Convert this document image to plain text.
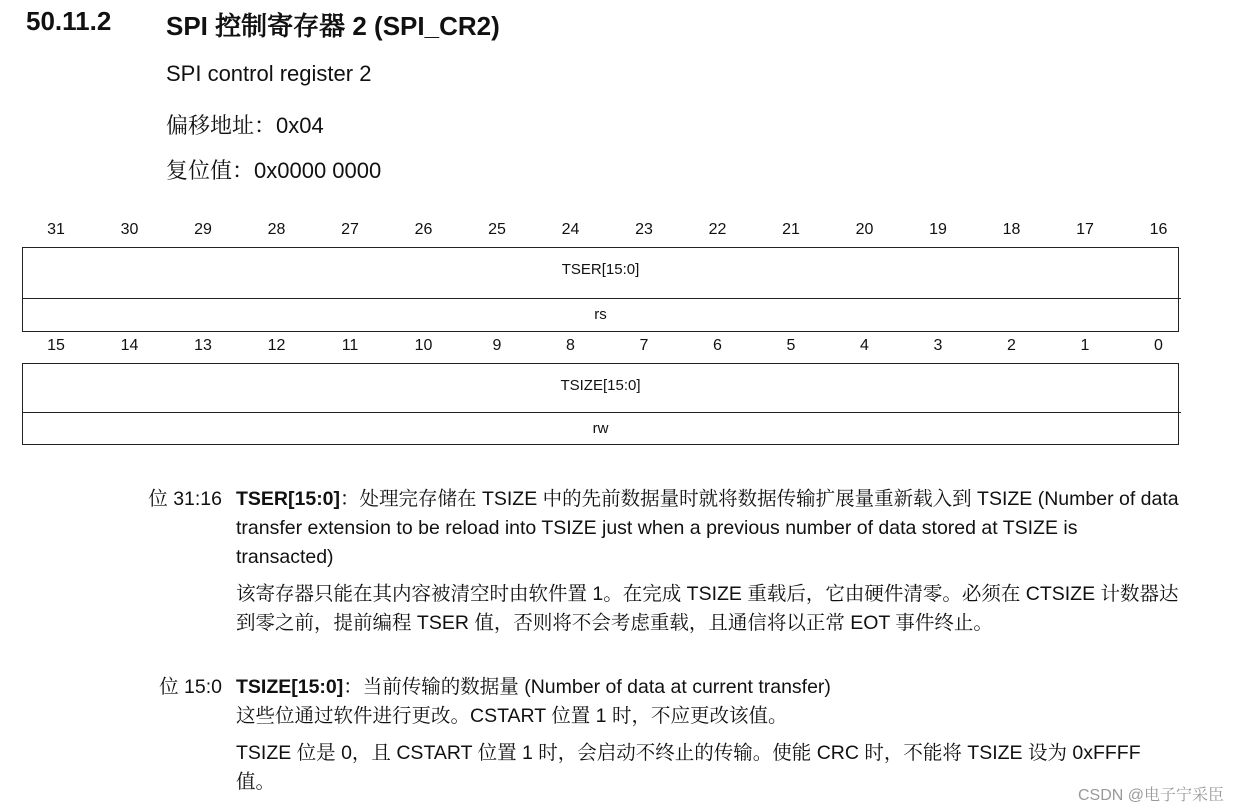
50.11.2 SPI 控制寄存器 2 (SPI_CR2)
SPI control register 2
偏移地址：0x04
复位值：0x0000 0000
31	30	29	28	27	26	25	24	23	22	21	20	19	18	17	16
TSER[15:0]
rs
15	14	13	12	11	10	9	8	7	6	5	4	3	2	1	0
TSIZE[15:0]
rw
位 31:16 TSER[15:0]：处理完存储在 TSIZE 中的先前数据量时就将数据传输扩展量重新载入到 TSIZE (Number of data transfer extension to be reload into TSIZE just when a previous number of data stored at TSIZE is transacted)

该寄存器只能在其内容被清空时由软件置 1。在完成 TSIZE 重载后，它由硬件清零。必须在 CTSIZE 计数器达到零之前，提前编程 TSER 值，否则将不会考虑重载，且通信将以正常 EOT 事件终止。

位 15:0 TSIZE[15:0]：当前传输的数据量 (Number of data at current transfer)

这些位通过软件进行更改。CSTART 位置 1 时，不应更改该值。

TSIZE 位是 0，且 CSTART 位置 1 时，会启动不终止的传输。使能 CRC 时，不能将 TSIZE 设为 0xFFFF 值。

CSDN @电子宁采臣
